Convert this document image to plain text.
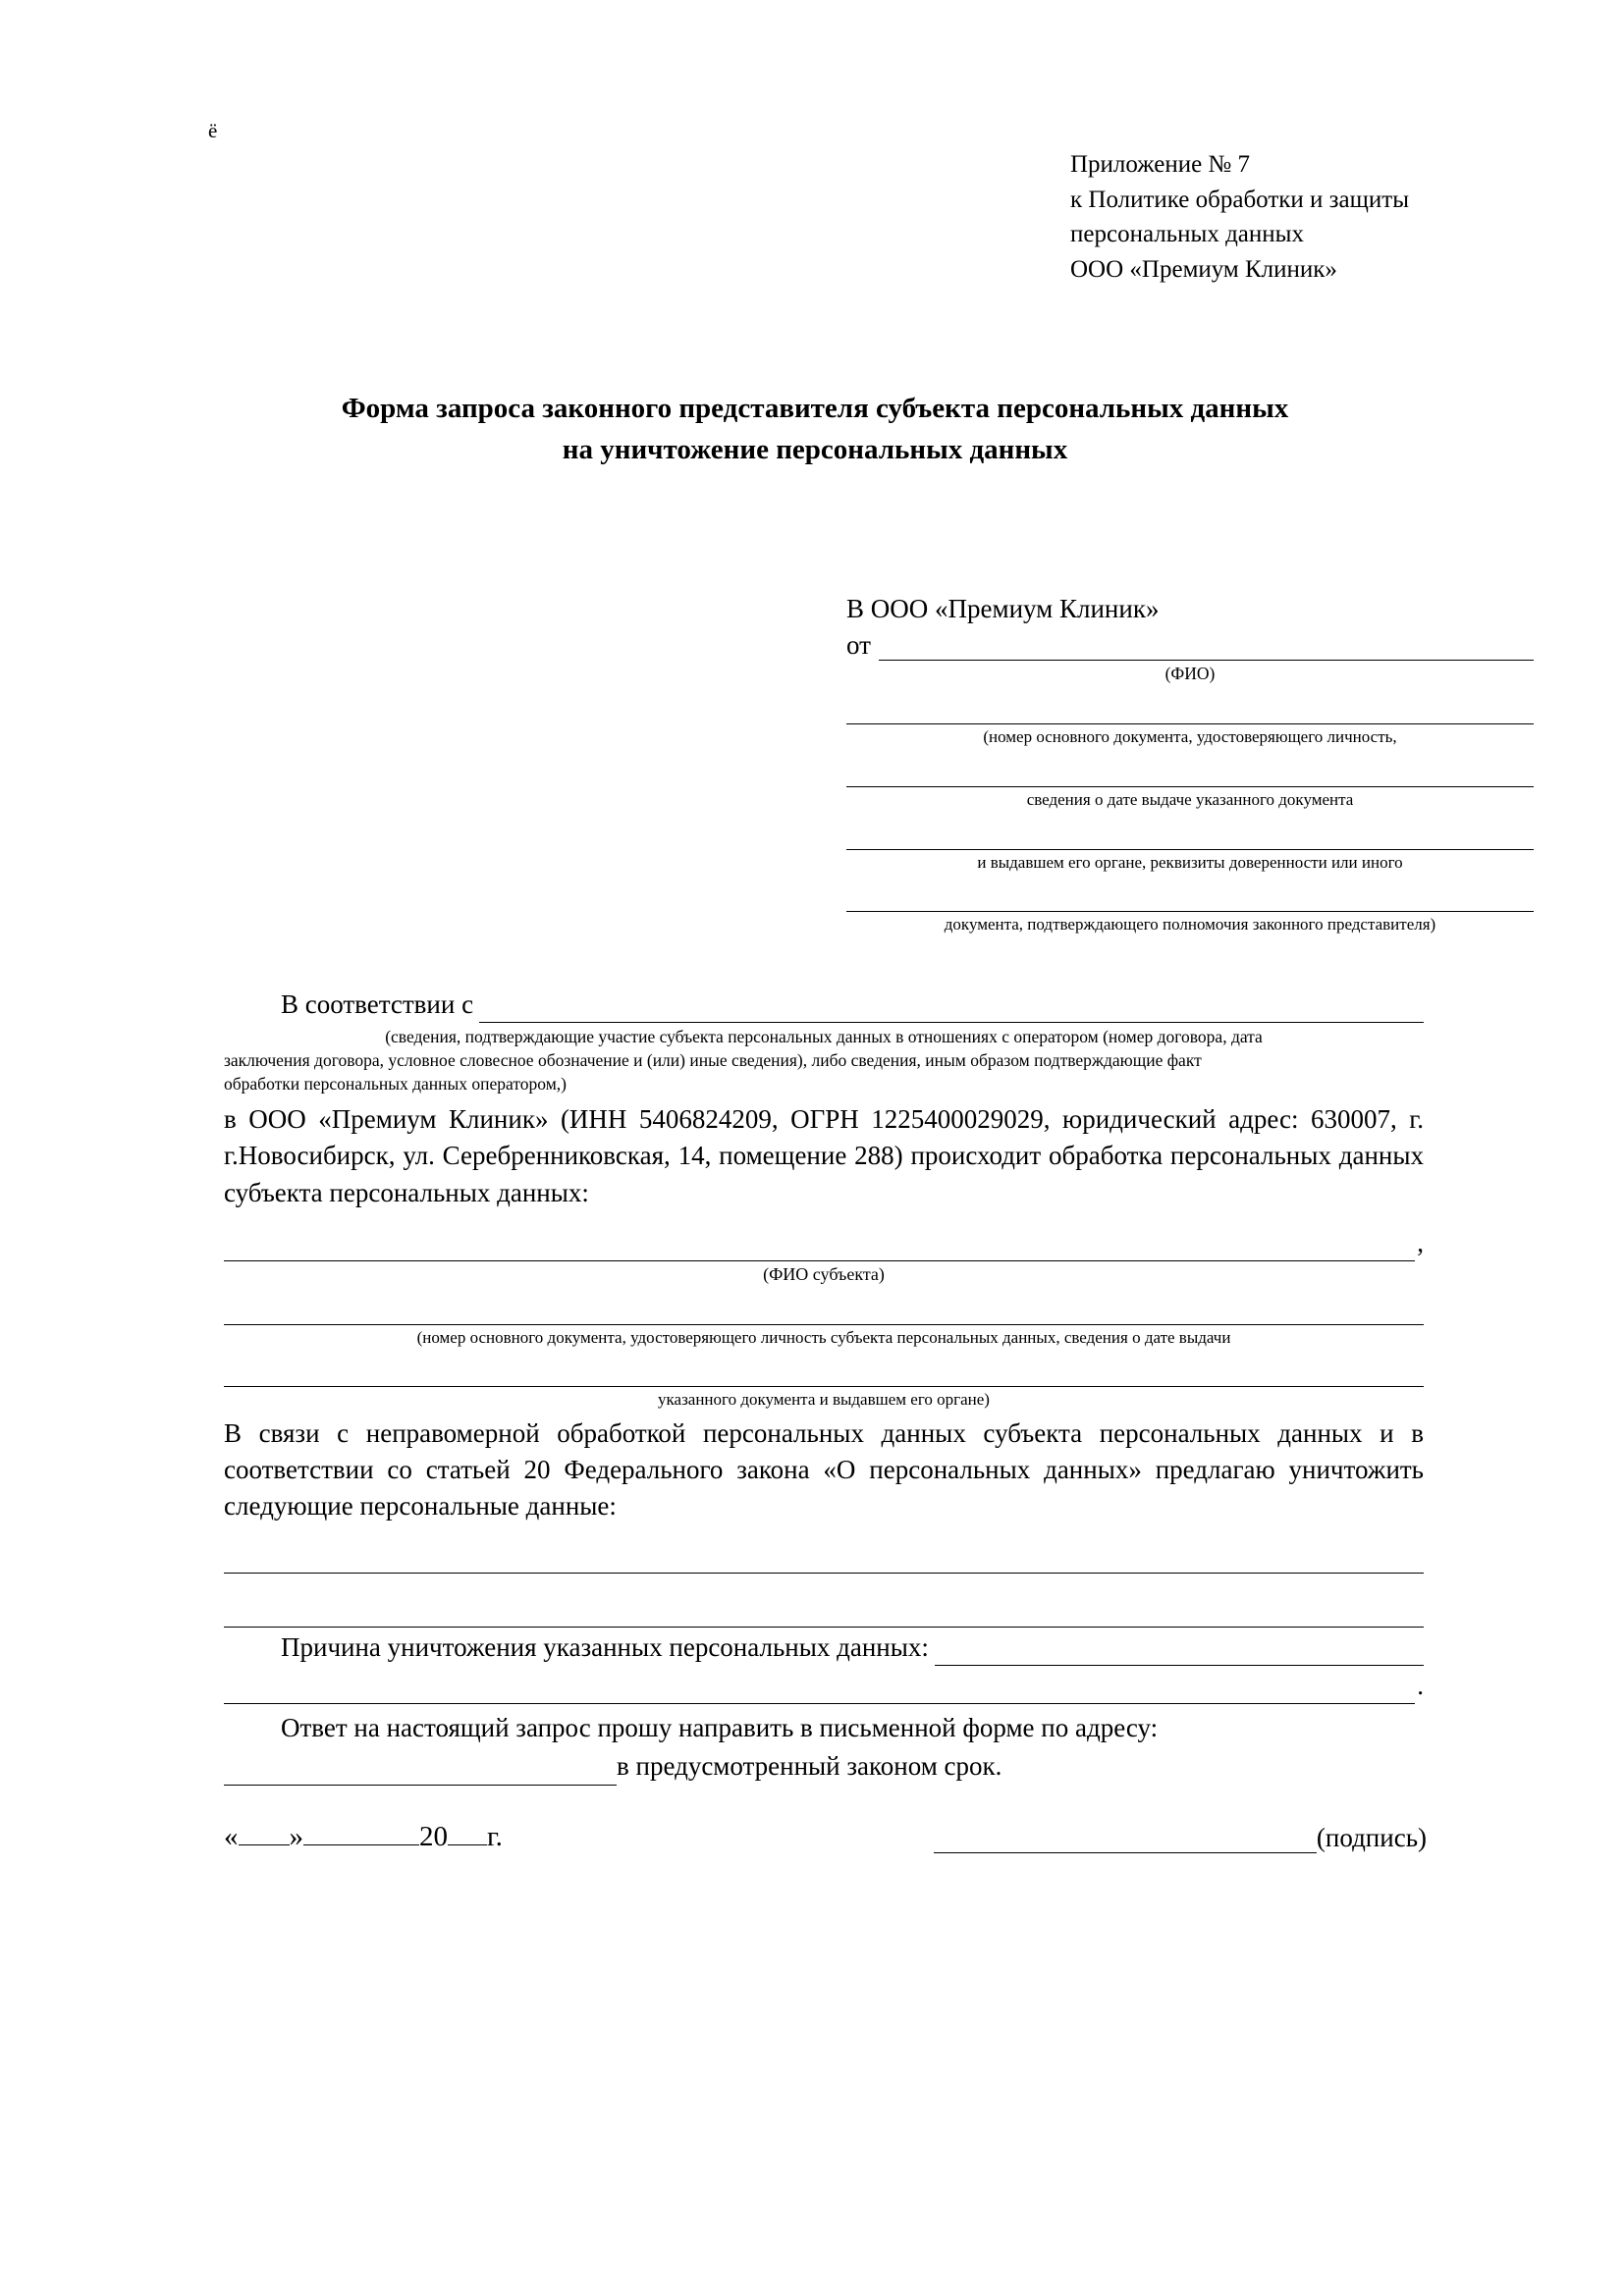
ё
Приложение № 7
к Политике обработки и защиты
персональных данных
ООО «Премиум Клиник»
Форма запроса законного представителя субъекта персональных данных
на уничтожение персональных данных
В ООО «Премиум Клиник»
от
(ФИО)
(номер основного документа, удостоверяющего личность,
сведения о дате выдаче указанного документа
и выдавшем его органе, реквизиты доверенности или иного
документа, подтверждающего полномочия законного представителя)
В соответствии с
(сведения, подтверждающие участие субъекта персональных данных в отношениях с оператором (номер договора, дата
заключения договора, условное словесное обозначение и (или) иные сведения), либо сведения, иным образом подтверждающие факт
обработки персональных данных оператором,)
в ООО «Премиум Клиник» (ИНН 5406824209, ОГРН 1225400029029, юридический адрес: 630007, г. г.Новосибирск, ул. Серебренниковская, 14, помещение 288) происходит обработка персональных данных субъекта персональных данных:
,
(ФИО субъекта)
(номер основного документа, удостоверяющего личность субъекта персональных данных, сведения о дате выдачи
указанного документа и выдавшем его органе)
В связи с неправомерной обработкой персональных данных субъекта персональных данных и в соответствии со статьей 20 Федерального закона «О персональных данных» предлагаю уничтожить следующие персональные данные:
Причина уничтожения указанных персональных данных:
.
Ответ на настоящий запрос прошу направить в письменной форме по адресу:
в предусмотренный законом срок.
« »	20 г.	(подпись)
